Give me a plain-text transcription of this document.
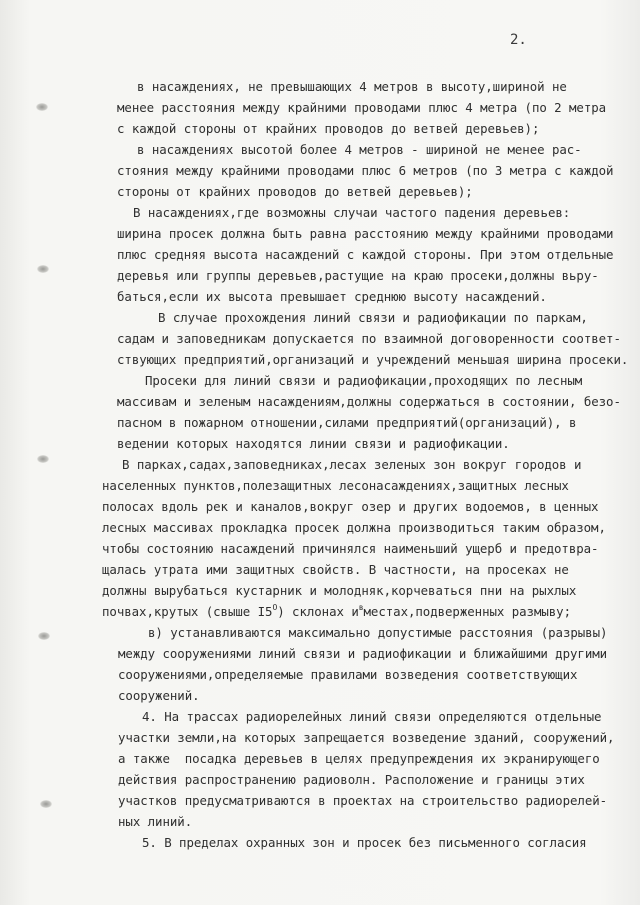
2.
в насаждениях, не превышающих 4 метров в высоту,шириной не
менее расстояния между крайними проводами плюс 4 метра (по 2 метра
с каждой стороны от крайних проводов до ветвей деревьев);
в насаждениях высотой более 4 метров - шириной не менее рас-
стояния между крайними проводами плюс 6 метров (по 3 метра с каждой
стороны от крайних проводов до ветвей деревьев);
В насаждениях,где возможны случаи частого падения деревьев:
ширина просек должна быть равна расстоянию между крайними проводами
плюс средняя высота насаждений с каждой стороны. При этом отдельные
деревья или группы деревьев,растущие на краю просеки,должны вьру-
баться,если их высота превышает среднюю высоту насаждений.
В случае прохождения линий связи и радиофикации по паркам,
садам и заповедникам допускается по взаимной договоренности соответ-
ствующих предприятий,организаций и учреждений меньшая ширина просеки.
Просеки для линий связи и радиофикации,проходящих по лесным
массивам и зеленым насаждениям,должны содержаться в состоянии, безо-
пасном в пожарном отношении,силами предприятий(организаций), в
ведении которых находятся линии связи и радиофикации.
В парках,садах,заповедниках,лесах зеленых зон вокруг городов и
населенных пунктов,полезащитных лесонасаждениях,защитных лесных
полосах вдоль рек и каналов,вокруг озер и других водоемов, в ценных
лесных массивах прокладка просек должна производиться таким образом,
чтобы состоянию насаждений причинялся наименьший ущерб и предотвра-
щалась утрата ими защитных свойств. В частности, на просеках не
должны вырубаться кустарник и молодняк,корчеваться пни на рыхлых
почвах,крутых (свыше $I5^О$) склонах $и^вместах,подверженных$ размыву;
в) устанавливаются максимально допустимые расстояния (разрывы)
между сооружениями линий связи и радиофикации и ближайшими другими
сооружениями,определяемые правилами возведения соответствующих
сооружений.
4. На трассах радиорелейных линий связи определяются отдельные
участки земли,на которых запрещается возведение зданий, сооружений,
а также  посадка деревьев в целях предупреждения их экранирующего
действия распространению радиоволн. Расположение и границы этих
участков предусматриваются в проектах на строительство радиорелей-
ных линий.
5. В пределах охранных зон и просек без письменного согласия
